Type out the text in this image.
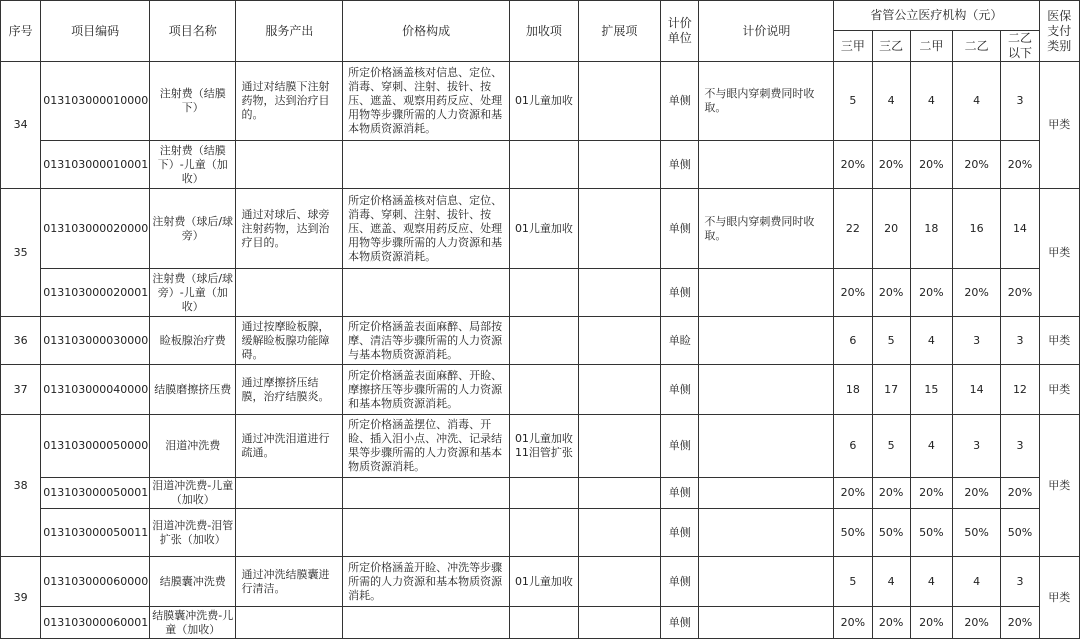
序号	项目编码	项目名称	服务产出	价格构成	加收项	扩展项	计价单位	计价说明	省管公立医疗机构（元）					医保支付类别
									三甲	三乙	二甲	二乙	二乙以下	
34	013103000010000	注射费（结膜下）	通过对结膜下注射药物，达到治疗目的。	所定价格涵盖核对信息、定位、消毒、穿刺、注射、拔针、按压、遮盖、观察用药反应、处理用物等步骤所需的人力资源和基本物质资源消耗。	01儿童加收		单侧	不与眼内穿刺费同时收取。	5	4	4	4	3	甲类
	013103000010001	注射费（结膜下）-儿童（加收）					单侧		20%	20%	20%	20%	20%	
35	013103000020000	注射费（球后/球旁）	通过对球后、球旁注射药物，达到治疗目的。	所定价格涵盖核对信息、定位、消毒、穿刺、注射、拔针、按压、遮盖、观察用药反应、处理用物等步骤所需的人力资源和基本物质资源消耗。	01儿童加收		单侧	不与眼内穿刺费同时收取。	22	20	18	16	14	甲类
	013103000020001	注射费（球后/球旁）-儿童（加收）					单侧		20%	20%	20%	20%	20%	
36	013103000030000	睑板腺治疗费	通过按摩睑板腺，缓解睑板腺功能障碍。	所定价格涵盖表面麻醉、局部按摩、清洁等步骤所需的人力资源与基本物质资源消耗。			单睑		6	5	4	3	3	甲类
37	013103000040000	结膜磨擦挤压费	通过摩擦挤压结膜，治疗结膜炎。	所定价格涵盖表面麻醉、开睑、摩擦挤压等步骤所需的人力资源和基本物质资源消耗。			单侧		18	17	15	14	12	甲类
38	013103000050000	泪道冲洗费	通过冲洗泪道进行疏通。	所定价格涵盖摆位、消毒、开睑、插入泪小点、冲洗、记录结果等步骤所需的人力资源和基本物质资源消耗。	01儿童加收 11泪管扩张		单侧		6	5	4	3	3	甲类
	013103000050001	泪道冲洗费-儿童（加收）					单侧		20%	20%	20%	20%	20%	
	013103000050011	泪道冲洗费-泪管扩张（加收）					单侧		50%	50%	50%	50%	50%	
39	013103000060000	结膜囊冲洗费	通过冲洗结膜囊进行清洁。	所定价格涵盖开睑、冲洗等步骤所需的人力资源和基本物质资源消耗。	01儿童加收		单侧		5	4	4	4	3	甲类
	013103000060001	结膜囊冲洗费-儿童（加收）					单侧		20%	20%	20%	20%	20%	
